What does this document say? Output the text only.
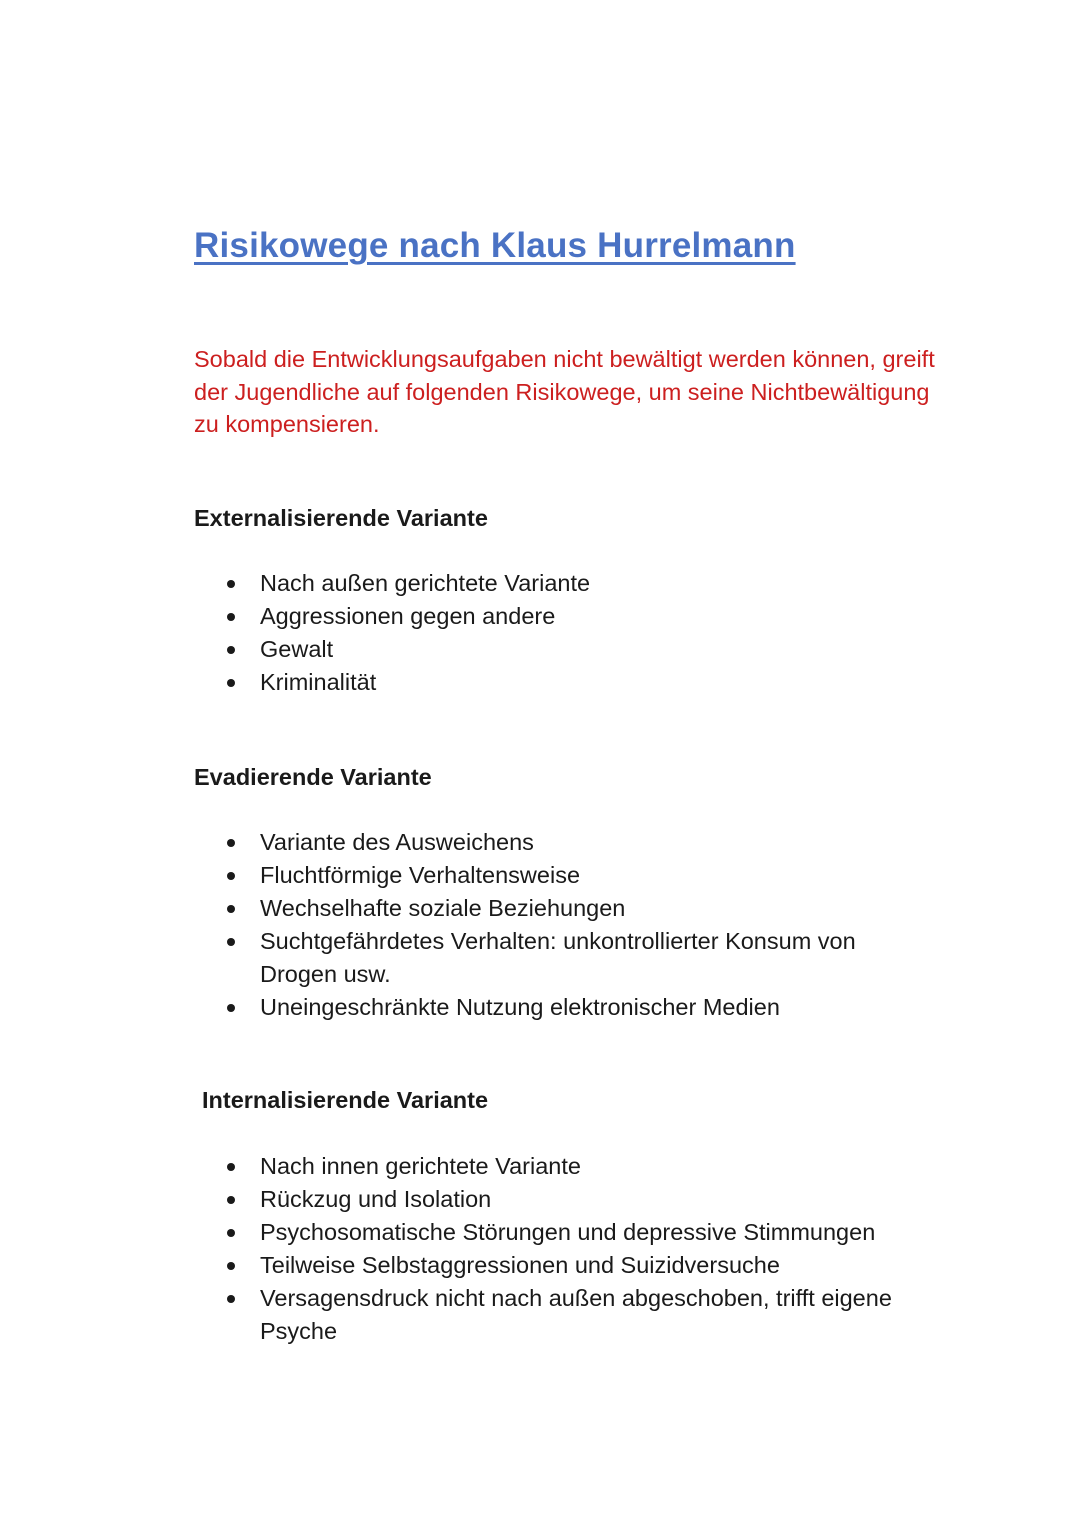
Risikowege nach Klaus Hurrelmann

Sobald die Entwicklungsaufgaben nicht bewältigt werden können, greift der Jugendliche auf folgenden Risikowege, um seine Nichtbewältigung zu kompensieren.

Externalisierende Variante
Nach außen gerichtete Variante
Aggressionen gegen andere
Gewalt
Kriminalität
Evadierende Variante
Variante des Ausweichens
Fluchtförmige Verhaltensweise
Wechselhafte soziale Beziehungen
Suchtgefährdetes Verhalten: unkontrollierter Konsum von Drogen usw.
Uneingeschränkte Nutzung elektronischer Medien
Internalisierende Variante
Nach innen gerichtete Variante
Rückzug und Isolation
Psychosomatische Störungen und depressive Stimmungen
Teilweise Selbstaggressionen und Suizidversuche
Versagensdruck nicht nach außen abgeschoben, trifft eigene Psyche
